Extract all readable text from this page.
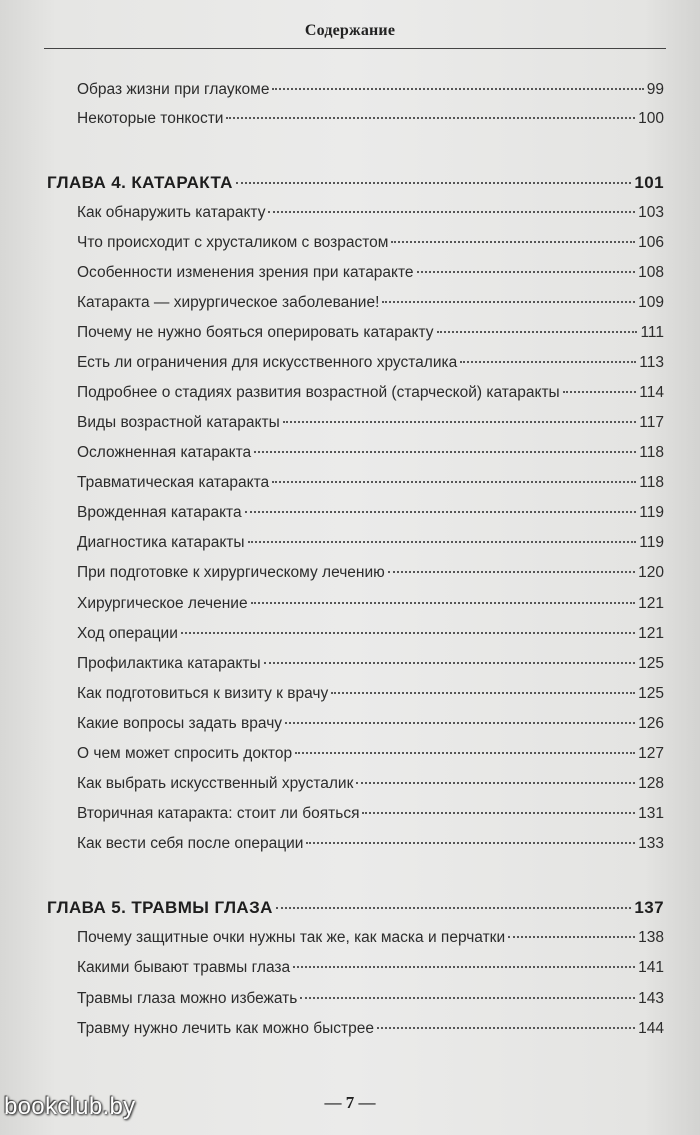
Содержание
Образ жизни при глаукоме	99
Некоторые тонкости	100
ГЛАВА 4. КАТАРАКТА	101
Как обнаружить катаракту	103
Что происходит с хрусталиком с возрастом	106
Особенности изменения зрения при катаракте	108
Катаракта — хирургическое заболевание!	109
Почему не нужно бояться оперировать катаракту	111
Есть ли ограничения для искусственного хрусталика	113
Подробнее о стадиях развития возрастной (старческой) катаракты	114
Виды возрастной катаракты	117
Осложненная катаракта	118
Травматическая катаракта	118
Врожденная катаракта	119
Диагностика катаракты	119
При подготовке к хирургическому лечению	120
Хирургическое лечение	121
Ход операции	121
Профилактика катаракты	125
Как подготовиться к визиту к врачу	125
Какие вопросы задать врачу	126
О чем может спросить доктор	127
Как выбрать искусственный хрусталик	128
Вторичная катаракта: стоит ли бояться	131
Как вести себя после операции	133
ГЛАВА 5. ТРАВМЫ ГЛАЗА	137
Почему защитные очки нужны так же, как маска и перчатки	138
Какими бывают травмы глаза	141
Травмы глаза можно избежать	143
Травму нужно лечить как можно быстрее	144
— 7 —
bookclub.by
